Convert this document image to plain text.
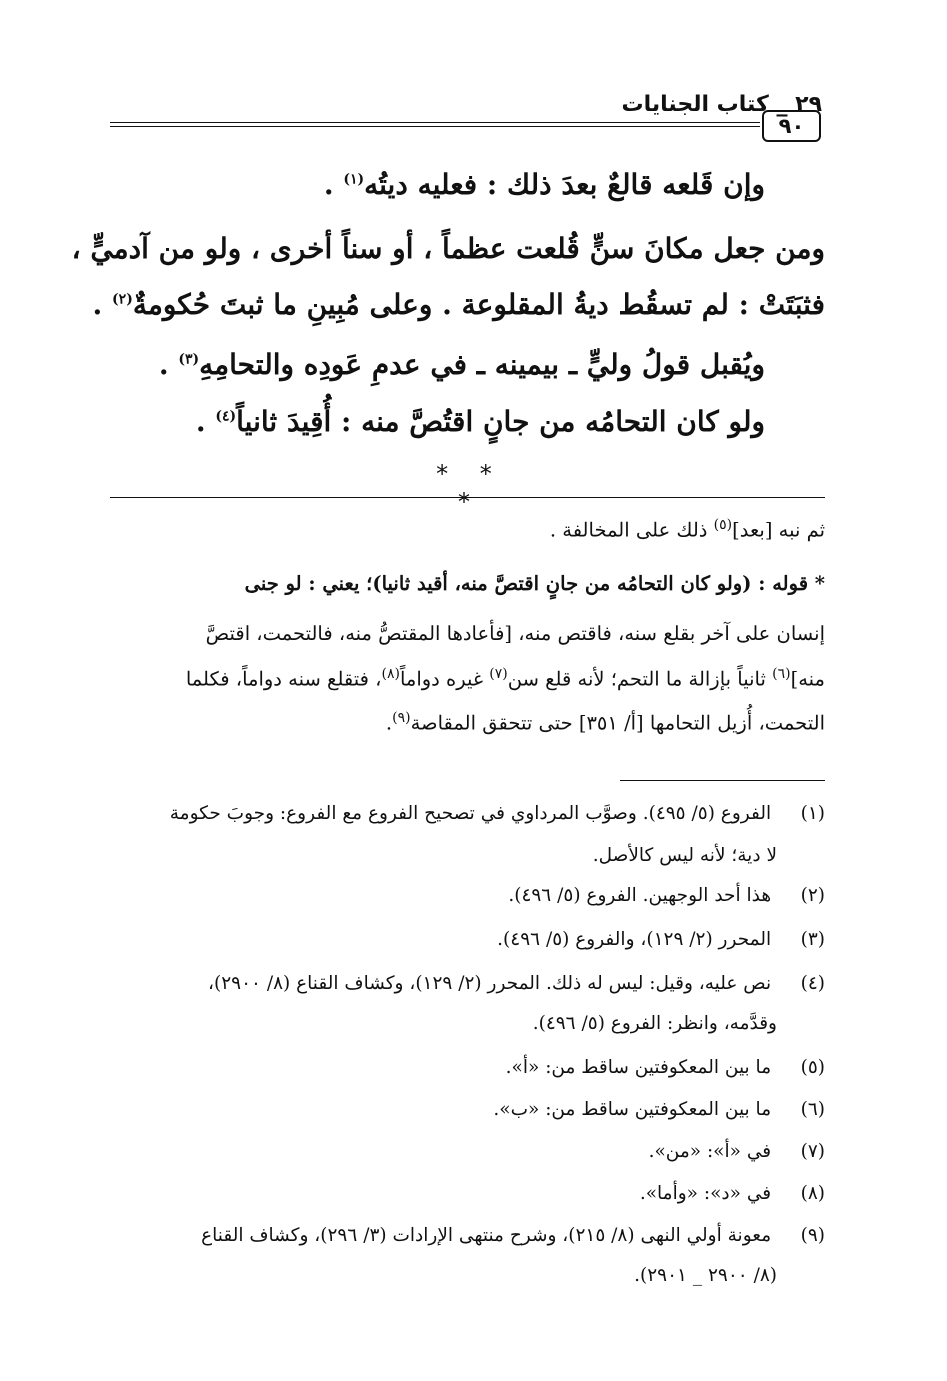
٢٩ _ كتاب الجنايات
٩٠
وإن قَلعه قالعٌ بعدَ ذلك : فعليه ديتُه$^{(١)}$ .
ومن جعل مكانَ سنٍّ قُلعت عظماً ، أو سناً أخرى ، ولو من آدميٍّ ،
فثبَتَتْ : لم تسقُط ديةُ المقلوعة . وعلى مُبِينِ ما ثبتَ حُكومةٌ$^{(٢)}$ .
ويُقبل قولُ وليٍّ ـ بيمينه ـ في عدمِ عَودِه والتحامِهِ$^{(٣)}$ .
ولو كان التحامُه من جانٍ اقتُصَّ منه : أُقِيدَ ثانياً$^{(٤)}$ .
* * *
ثم نبه [بعد]$^{(٥)}$ ذلك على المخالفة .
* قوله : (ولو كان التحامُه من جانٍ اقتصَّ منه، أقيد ثانيا)؛ يعني : لو جنى
إنسان على آخر بقلع سنه، فاقتص منه، [فأعادها المقتصُّ منه، فالتحمت، اقتصَّ
منه]$^{(٦)}$ ثانياً بإزالة ما التحم؛ لأنه قلع سن$^{(٧)}$ غيره دواماً$^{(٨)}$، فتقلع سنه دواماً، فكلما
التحمت، أُزيل التحامها [أ/ ٣٥١] حتى تتحقق المقاصة$^{(٩)}$.
(١) الفروع (٥/ ٤٩٥). وصوَّب المرداوي في تصحيح الفروع مع الفروع: وجوبَ حكومة
لا دية؛ لأنه ليس كالأصل.
(٢) هذا أحد الوجهين. الفروع (٥/ ٤٩٦).
(٣) المحرر (٢/ ١٢٩)، والفروع (٥/ ٤٩٦).
(٤) نص عليه، وقيل: ليس له ذلك. المحرر (٢/ ١٢٩)، وكشاف القناع (٨/ ٢٩٠٠)،
وقدَّمه، وانظر: الفروع (٥/ ٤٩٦).
(٥) ما بين المعكوفتين ساقط من: «أ».
(٦) ما بين المعكوفتين ساقط من: «ب».
(٧) في «أ»: «من».
(٨) في «د»: «وأما».
(٩) معونة أولي النهى (٨/ ٢١٥)، وشرح منتهى الإرادات (٣/ ٢٩٦)، وكشاف القناع
(٨/ ٢٩٠٠ _ ٢٩٠١).
